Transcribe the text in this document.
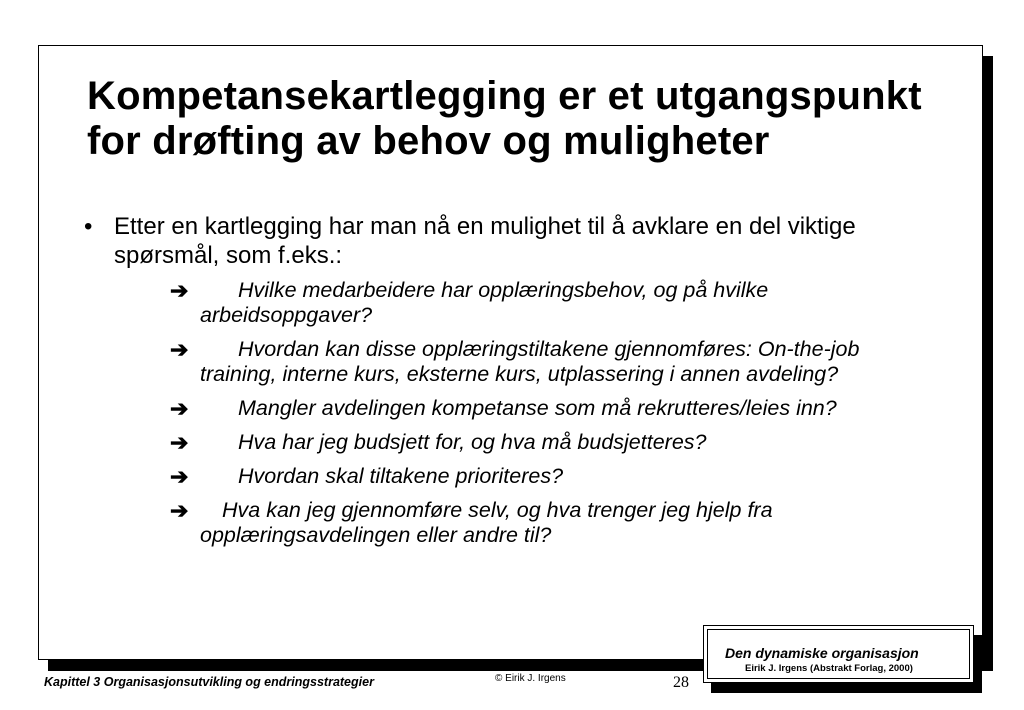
Kompetansekartlegging er et utgangspunkt for drøfting av behov og muligheter
• Etter en kartlegging har man nå en mulighet til å avklare en del viktige spørsmål, som f.eks.:
➔ Hvilke medarbeidere har opplæringsbehov, og på hvilke arbeidsoppgaver?
➔ Hvordan kan disse opplæringstiltakene gjennomføres: On-the-job training, interne kurs, eksterne kurs, utplassering i annen avdeling?
➔ Mangler avdelingen kompetanse som må rekrutteres/leies inn?
➔ Hva har jeg budsjett for, og hva må budsjetteres?
➔ Hvordan skal tiltakene prioriteres?
➔ Hva kan jeg gjennomføre selv, og hva trenger jeg hjelp fra opplæringsavdelingen eller andre til?
Kapittel 3 Organisasjonsutvikling og endringsstrategier	© Eirik J. Irgens	28
Den dynamiske organisasjon
Eirik J. Irgens (Abstrakt Forlag, 2000)
